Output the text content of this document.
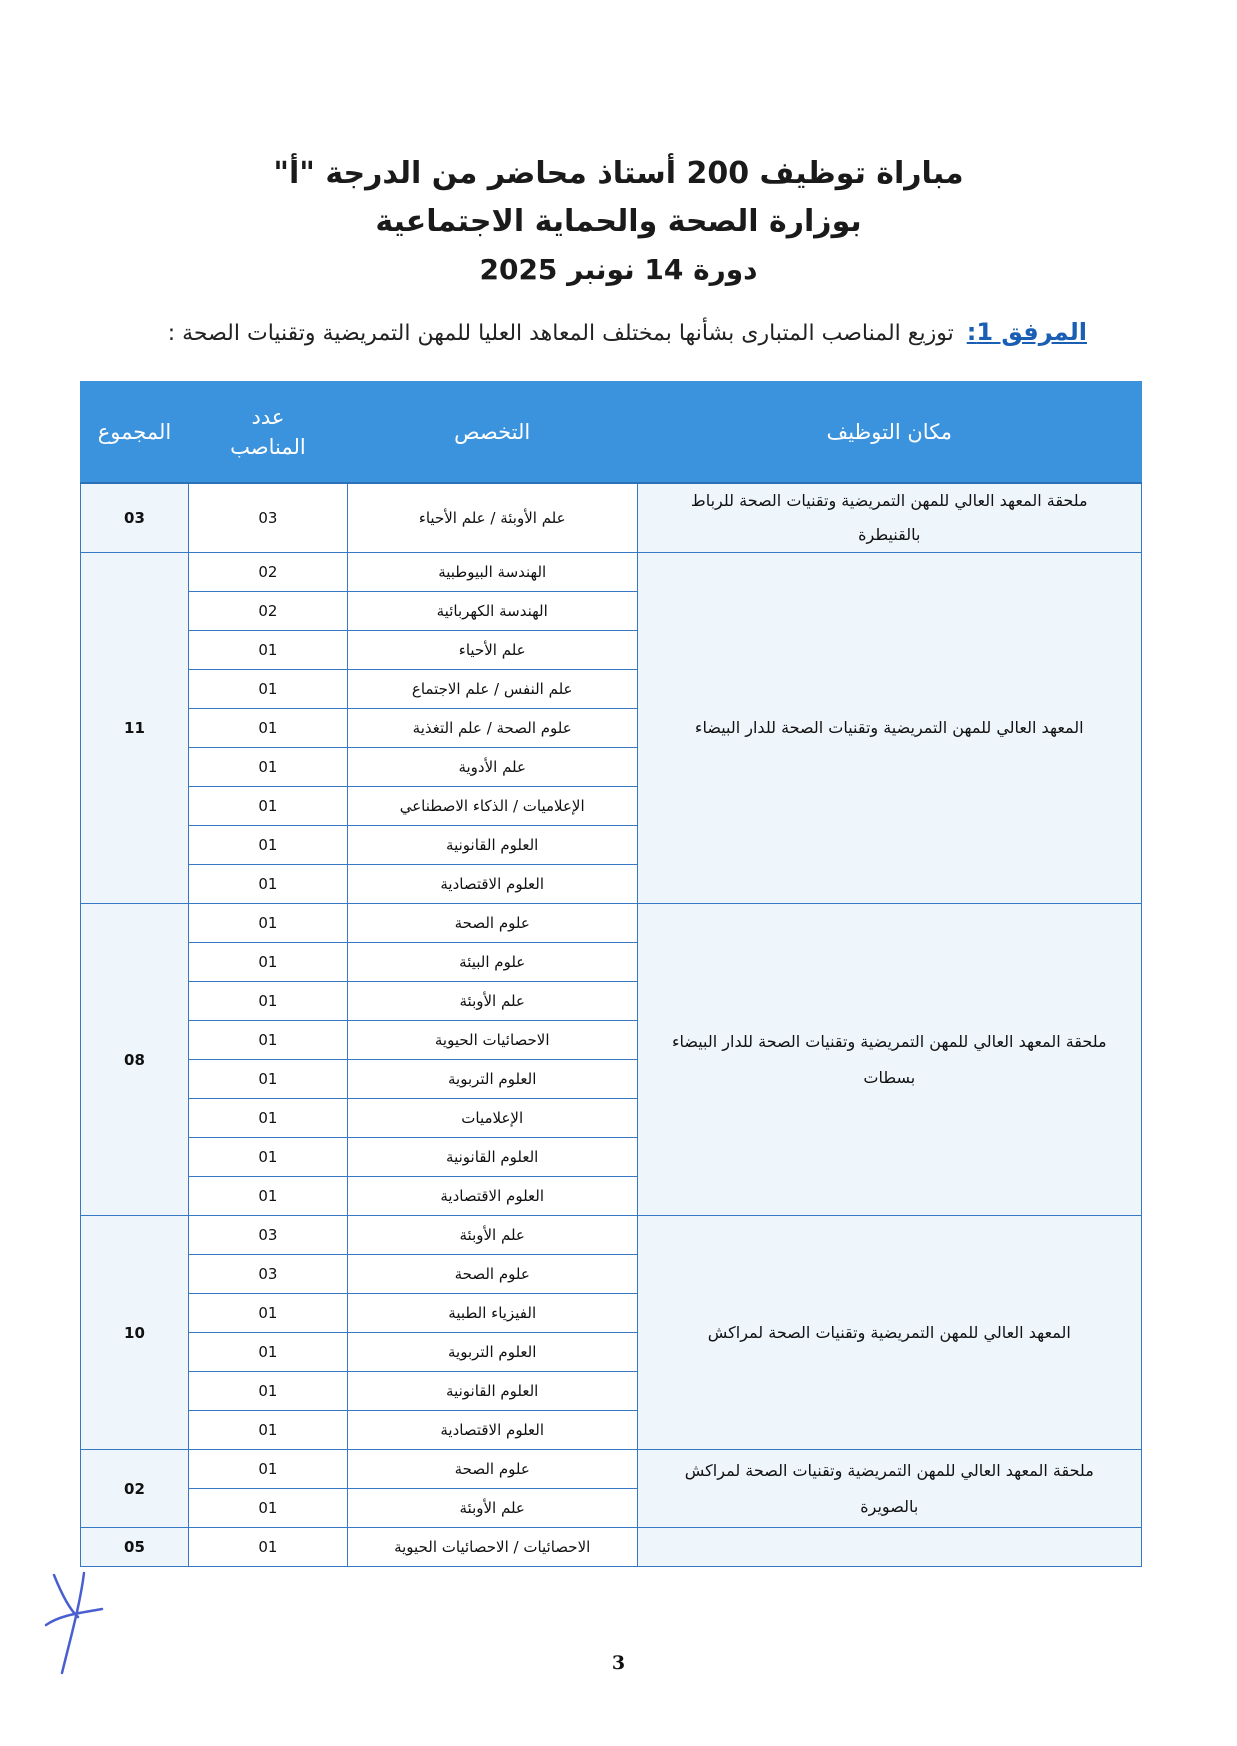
مباراة توظيف 200 أستاذ محاضر من الدرجة "أ"
بوزارة الصحة والحماية الاجتماعية
دورة 14 نونبر 2025
المرفق 1: توزيع المناصب المتبارى بشأنها بمختلف المعاهد العليا للمهن التمريضية وتقنيات الصحة :
مكان التوظيف	التخصص	عدد المناصب	المجموع
ملحقة المعهد العالي للمهن التمريضية وتقنيات الصحة للرباط بالقنيطرة	علم الأوبئة / علم الأحياء	03	03
المعهد العالي للمهن التمريضية وتقنيات الصحة للدار البيضاء	الهندسة البيوطبية	02	11
	الهندسة الكهربائية	02	
	علم الأحياء	01	
	علم النفس / علم الاجتماع	01	
	علوم الصحة / علم التغذية	01	
	علم الأدوية	01	
	الإعلاميات / الذكاء الاصطناعي	01	
	العلوم القانونية	01	
	العلوم الاقتصادية	01	
ملحقة المعهد العالي للمهن التمريضية وتقنيات الصحة للدار البيضاء بسطات	علوم الصحة	01	08
	علوم البيئة	01	
	علم الأوبئة	01	
	الاحصائيات الحيوية	01	
	العلوم التربوية	01	
	الإعلاميات	01	
	العلوم القانونية	01	
	العلوم الاقتصادية	01	
المعهد العالي للمهن التمريضية وتقنيات الصحة لمراكش	علم الأوبئة	03	10
	علوم الصحة	03	
	الفيزياء الطبية	01	
	العلوم التربوية	01	
	العلوم القانونية	01	
	العلوم الاقتصادية	01	
ملحقة المعهد العالي للمهن التمريضية وتقنيات الصحة لمراكش بالصويرة	علوم الصحة	01	02
	علم الأوبئة	01	
	الاحصائيات / الاحصائيات الحيوية	01	05
3
